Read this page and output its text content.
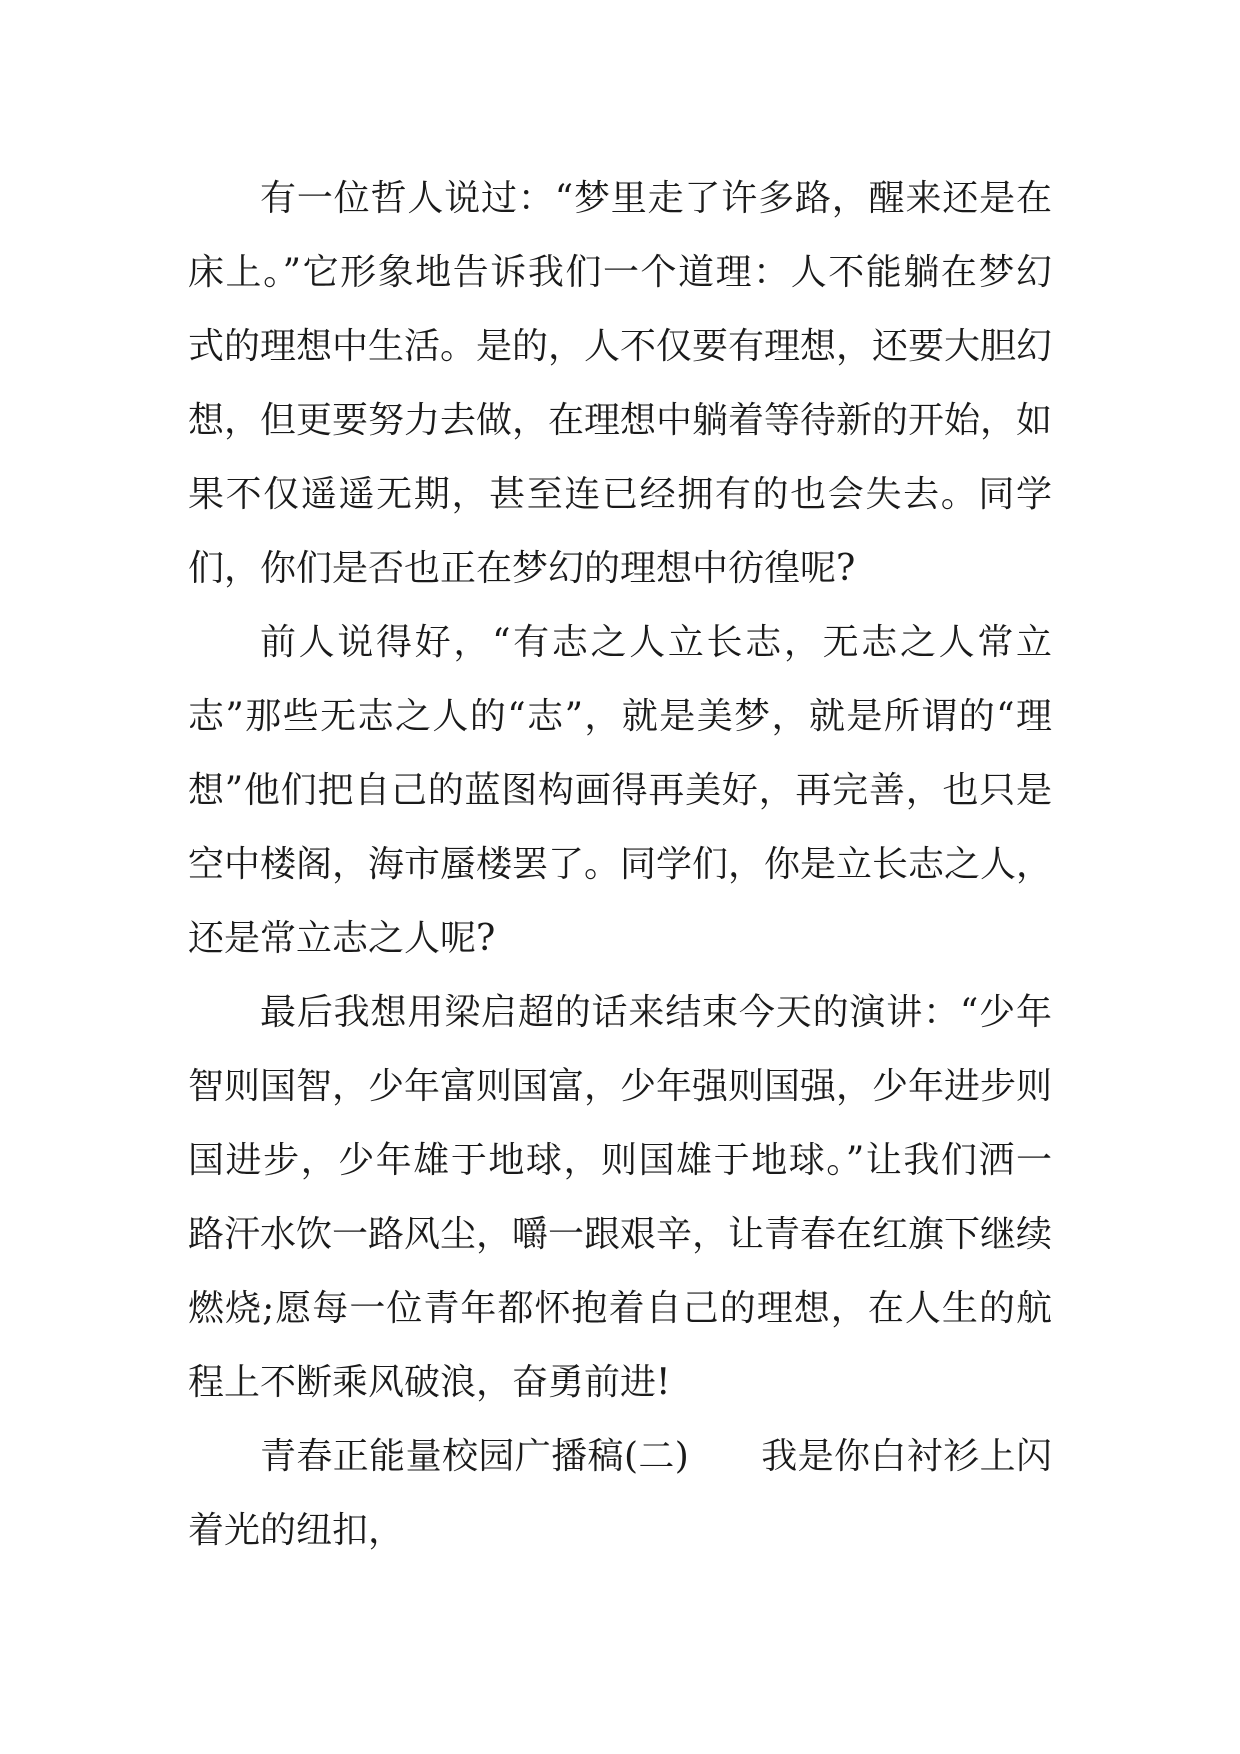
有一位哲人说过：“梦里走了许多路，醒来还是在床上。”它形象地告诉我们一个道理：人不能躺在梦幻式的理想中生活。是的，人不仅要有理想，还要大胆幻想，但更要努力去做，在理想中躺着等待新的开始，如果不仅遥遥无期，甚至连已经拥有的也会失去。同学们，你们是否也正在梦幻的理想中彷徨呢?

前人说得好，“有志之人立长志，无志之人常立志”那些无志之人的“志”，就是美梦，就是所谓的“理想”他们把自己的蓝图构画得再美好，再完善，也只是空中楼阁，海市蜃楼罢了。同学们，你是立长志之人，还是常立志之人呢?

最后我想用梁启超的话来结束今天的演讲：“少年智则国智，少年富则国富，少年强则国强，少年进步则国进步，少年雄于地球，则国雄于地球。”让我们洒一路汗水饮一路风尘，嚼一跟艰辛，让青春在红旗下继续燃烧;愿每一位青年都怀抱着自己的理想，在人生的航程上不断乘风破浪，奋勇前进!

青春正能量校园广播稿(二) 我是你白衬衫上闪着光的纽扣，
